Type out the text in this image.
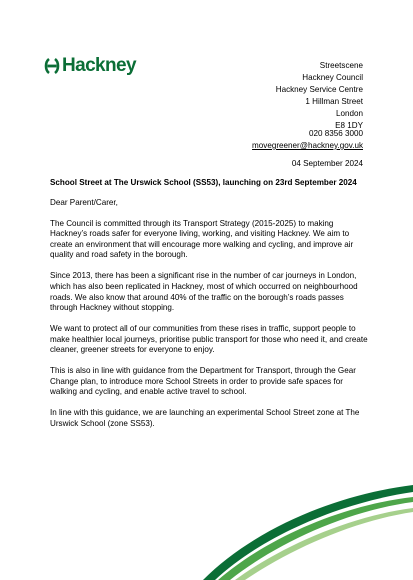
Hackney	Streetscene
Hackney Council
Hackney Service Centre
1 Hillman Street
London
E8 1DY
020 8356 3000
movegreener@hackney.gov.uk
04 September 2024
School Street at The Urswick School (SS53), launching on 23rd September 2024

Dear Parent/Carer,

The Council is committed through its Transport Strategy (2015-2025) to making Hackney’s roads safer for everyone living, working, and visiting Hackney. We aim to create an environment that will encourage more walking and cycling, and improve air quality and road safety in the borough.

Since 2013, there has been a significant rise in the number of car journeys in London, which has also been replicated in Hackney, most of which occurred on neighbourhood roads. We also know that around 40% of the traffic on the borough’s roads passes through Hackney without stopping.

We want to protect all of our communities from these rises in traffic, support people to make healthier local journeys, prioritise public transport for those who need it, and create cleaner, greener streets for everyone to enjoy.

This is also in line with guidance from the Department for Transport, through the Gear Change plan, to introduce more School Streets in order to provide safe spaces for walking and cycling, and enable active travel to school.

In line with this guidance, we are launching an experimental School Street zone at The Urswick School (zone SS53).
